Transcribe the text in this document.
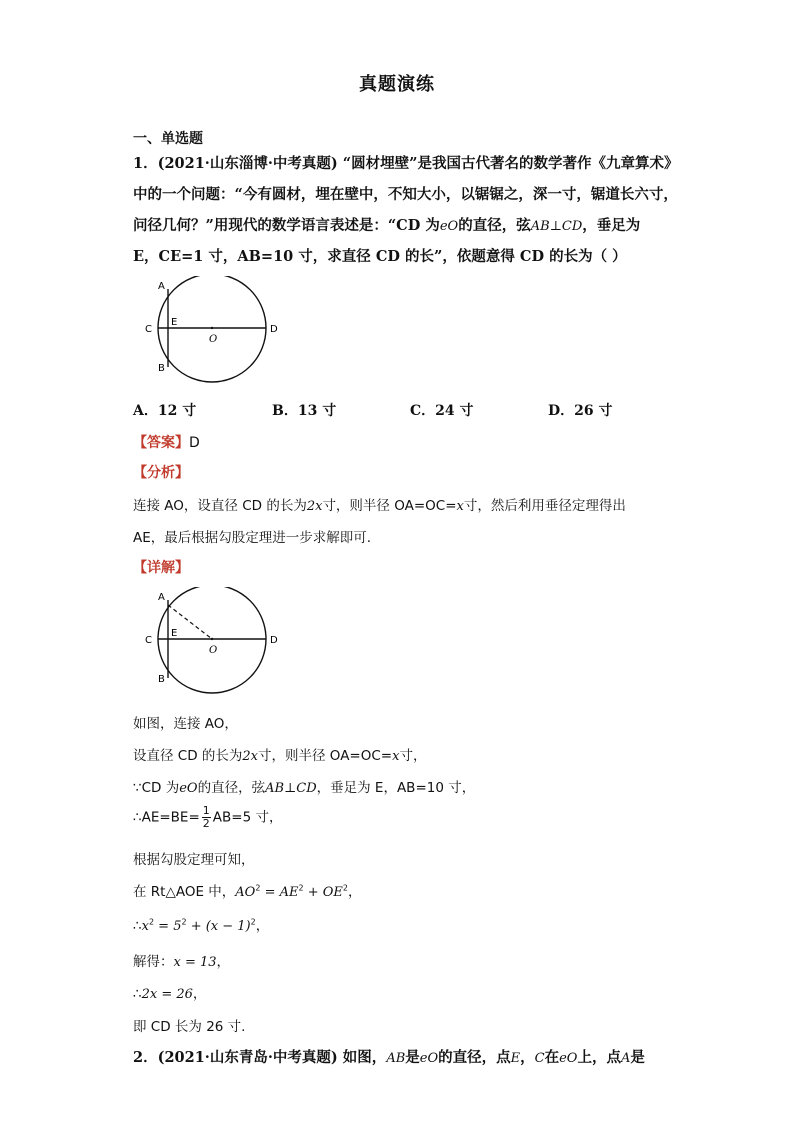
真题演练
一、单选题
1．(2021·山东淄博·中考真题) “圆材埋壁”是我国古代著名的数学著作《九章算术》
中的一个问题：“今有圆材，埋在壁中，不知大小，以锯锯之，深一寸，锯道长六寸，
问径几何？”用现代的数学语言表述是：“CD 为eO的直径，弦AB⊥CD，垂足为
E，CE=1 寸，AB=10 寸，求直径 CD 的长”，依题意得 CD 的长为（ ）
A
C
E
D
O
B
A．12 寸	B．13 寸	C．24 寸	D．26 寸
【答案】D
【分析】
连接 AO，设直径 CD 的长为2x寸，则半径 OA=OC=x寸，然后利用垂径定理得出
AE，最后根据勾股定理进一步求解即可.
【详解】
A
C
E
D
O
B
如图，连接 AO，
设直径 CD 的长为2x寸，则半径 OA=OC=x寸，
∵CD 为eO的直径，弦AB⊥CD，垂足为 E，AB=10 寸，
∴AE=BE= $\frac{1}{2} AB=5$ 寸，
根据勾股定理可知，
在 Rt△AOE 中，$AO^2 = AE^2 + OE^2$，
$\therefore x^2 = 5^2 + (x - 1)^2$，
解得：x = 13，
∴2x = 26，
即 CD 长为 26 寸.
2．(2021·山东青岛·中考真题) 如图，AB是eO的直径，点E，C在eO上，点A是
